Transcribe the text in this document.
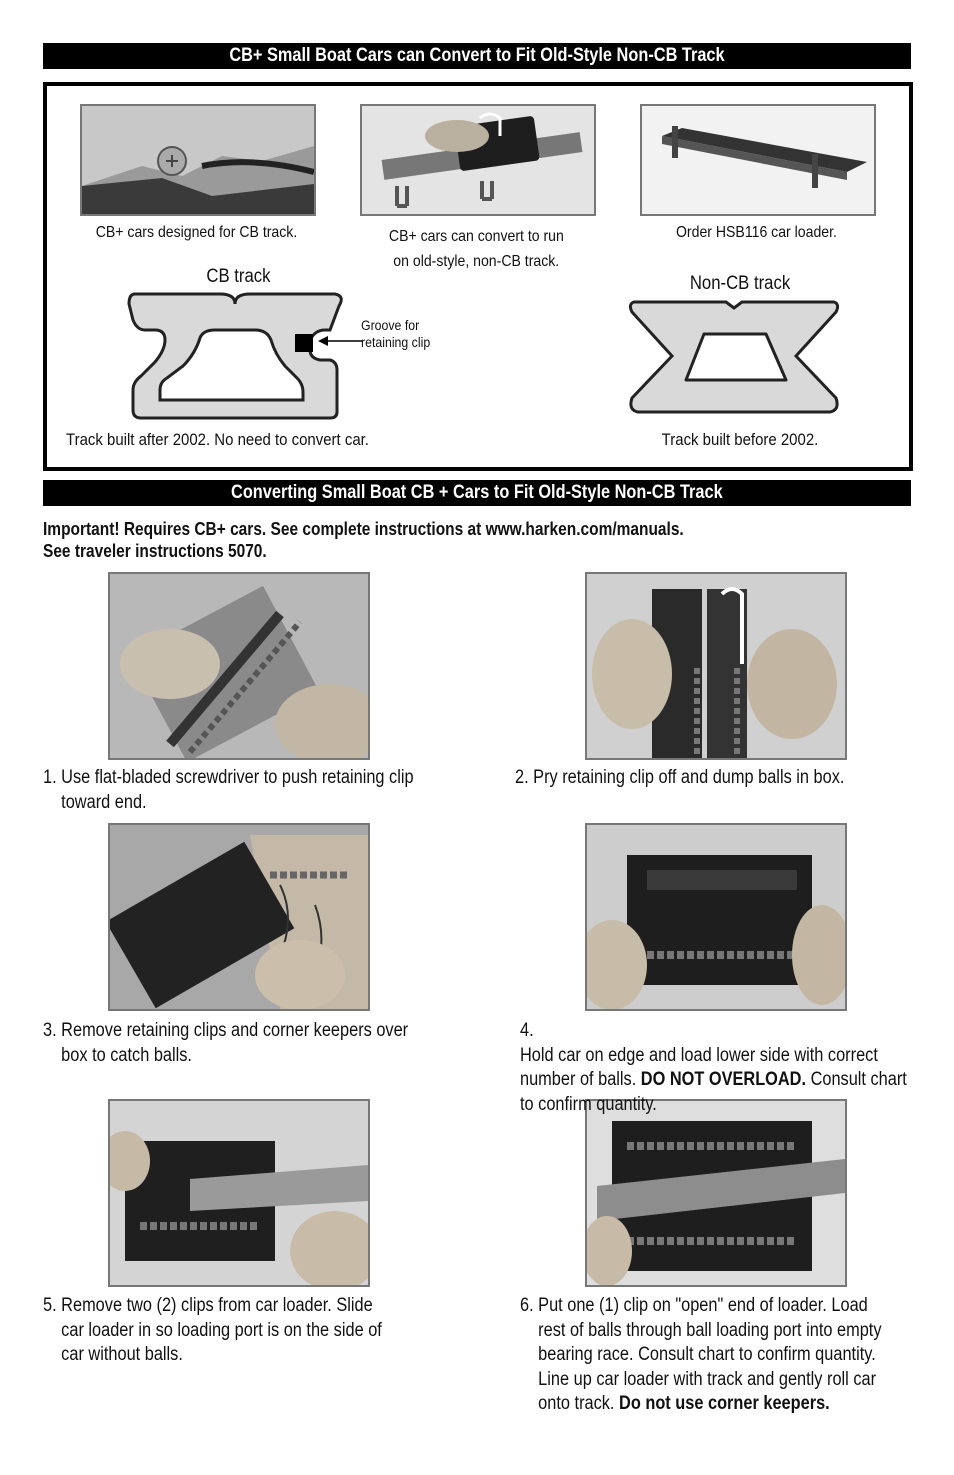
CB+ Small Boat Cars can Convert to Fit Old-Style Non-CB Track
CB+ cars designed for CB track.	CB+ cars can convert to run
on old-style, non-CB track.
Order HSB116 car loader.
CB track
Groove for
retaining clip
Track built after 2002. No need to convert car.
Non-CB track
Track built before 2002.
Converting Small Boat CB + Cars to Fit Old-Style Non-CB Track
Important! Requires CB+ cars. See complete instructions at www.harken.com/manuals.
See traveler instructions 5070.
1. Use flat-bladed screwdriver to push retaining clip toward end.
2. Pry retaining clip off and dump balls in box.
3. Remove retaining clips and corner keepers over box to catch balls.
4. Hold car on edge and load lower side with correct number of balls. DO NOT OVERLOAD. Consult chart to confirm quantity.
5. Remove two (2) clips from car loader. Slide car loader in so loading port is on the side of car without balls.
6. Put one (1) clip on "open" end of loader. Load rest of balls through ball loading port into empty bearing race. Consult chart to confirm quantity. Line up car loader with track and gently roll car onto track. Do not use corner keepers.
